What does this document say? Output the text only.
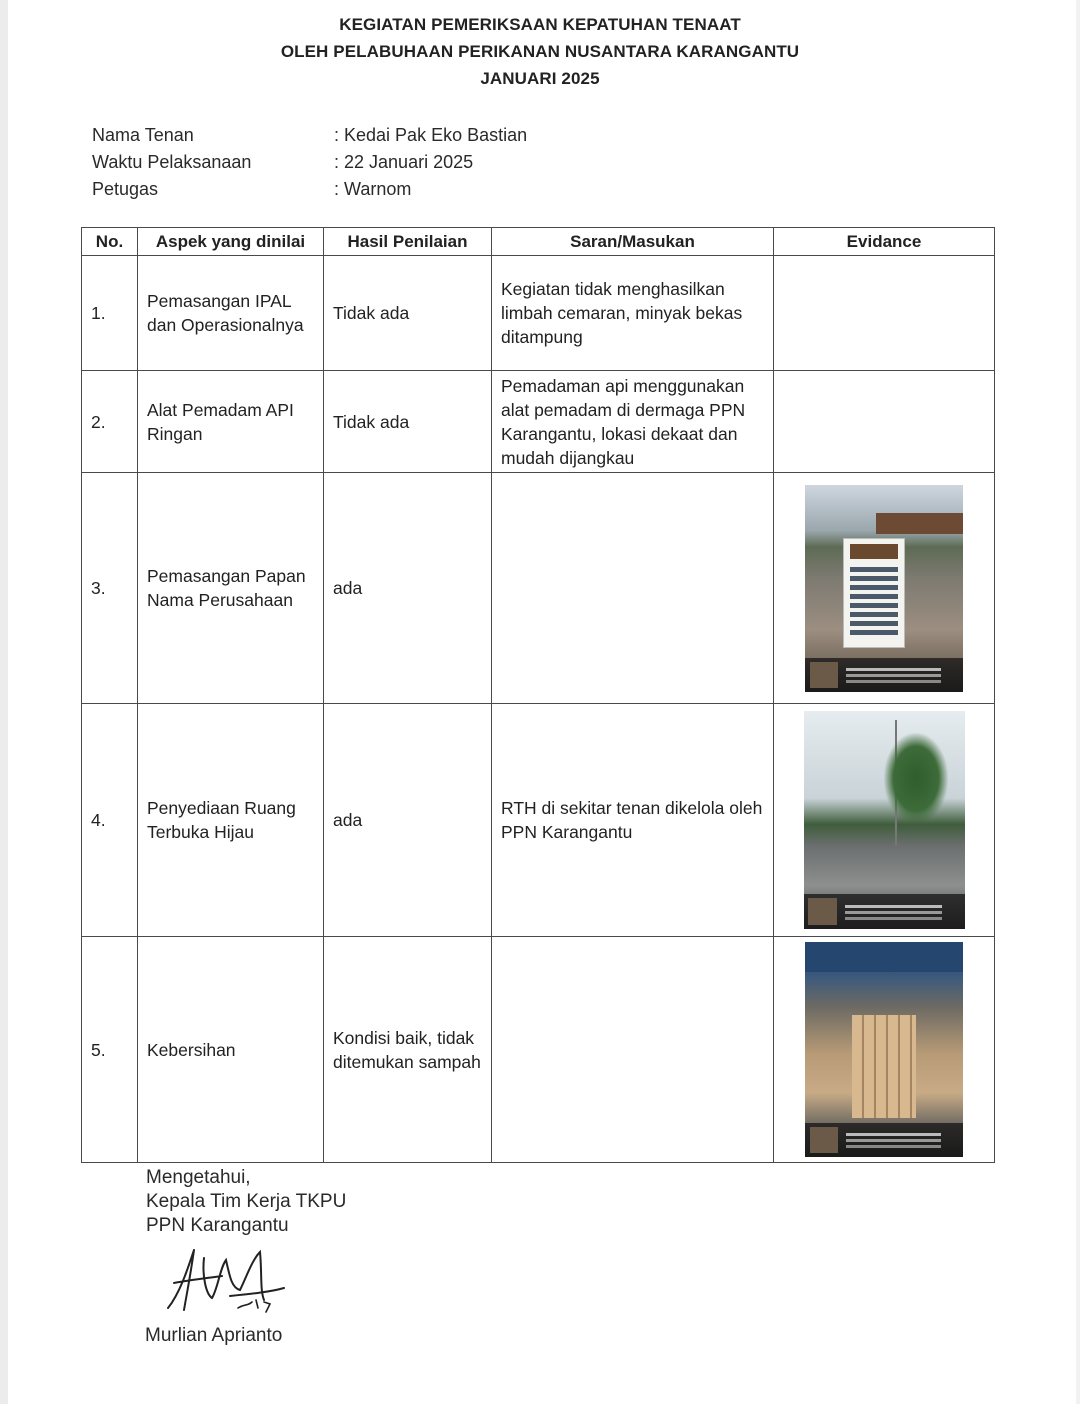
KEGIATAN PEMERIKSAAN KEPATUHAN TENAAT
OLEH PELABUHAAN PERIKANAN NUSANTARA KARANGANTU
JANUARI 2025
Nama Tenan	: Kedai Pak Eko Bastian
Waktu Pelaksanaan	: 22 Januari 2025
Petugas	: Warnom
No.	Aspek yang dinilai	Hasil Penilaian	Saran/Masukan	Evidance
1.	Pemasangan IPAL dan Operasionalnya	Tidak ada	Kegiatan tidak menghasilkan limbah cemaran, minyak bekas ditampung	
2.	Alat Pemadam API Ringan	Tidak ada	Pemadaman api menggunakan alat pemadam di dermaga PPN Karangantu, lokasi dekaat dan mudah dijangkau	
3.	Pemasangan Papan Nama Perusahaan	ada		

4.	Penyediaan Ruang Terbuka Hijau	ada	RTH di sekitar tenan dikelola oleh PPN Karangantu	

5.	Kebersihan	Kondisi baik, tidak ditemukan sampah		
Mengetahui,
Kepala Tim Kerja TKPU
PPN Karangantu
Murlian Aprianto
